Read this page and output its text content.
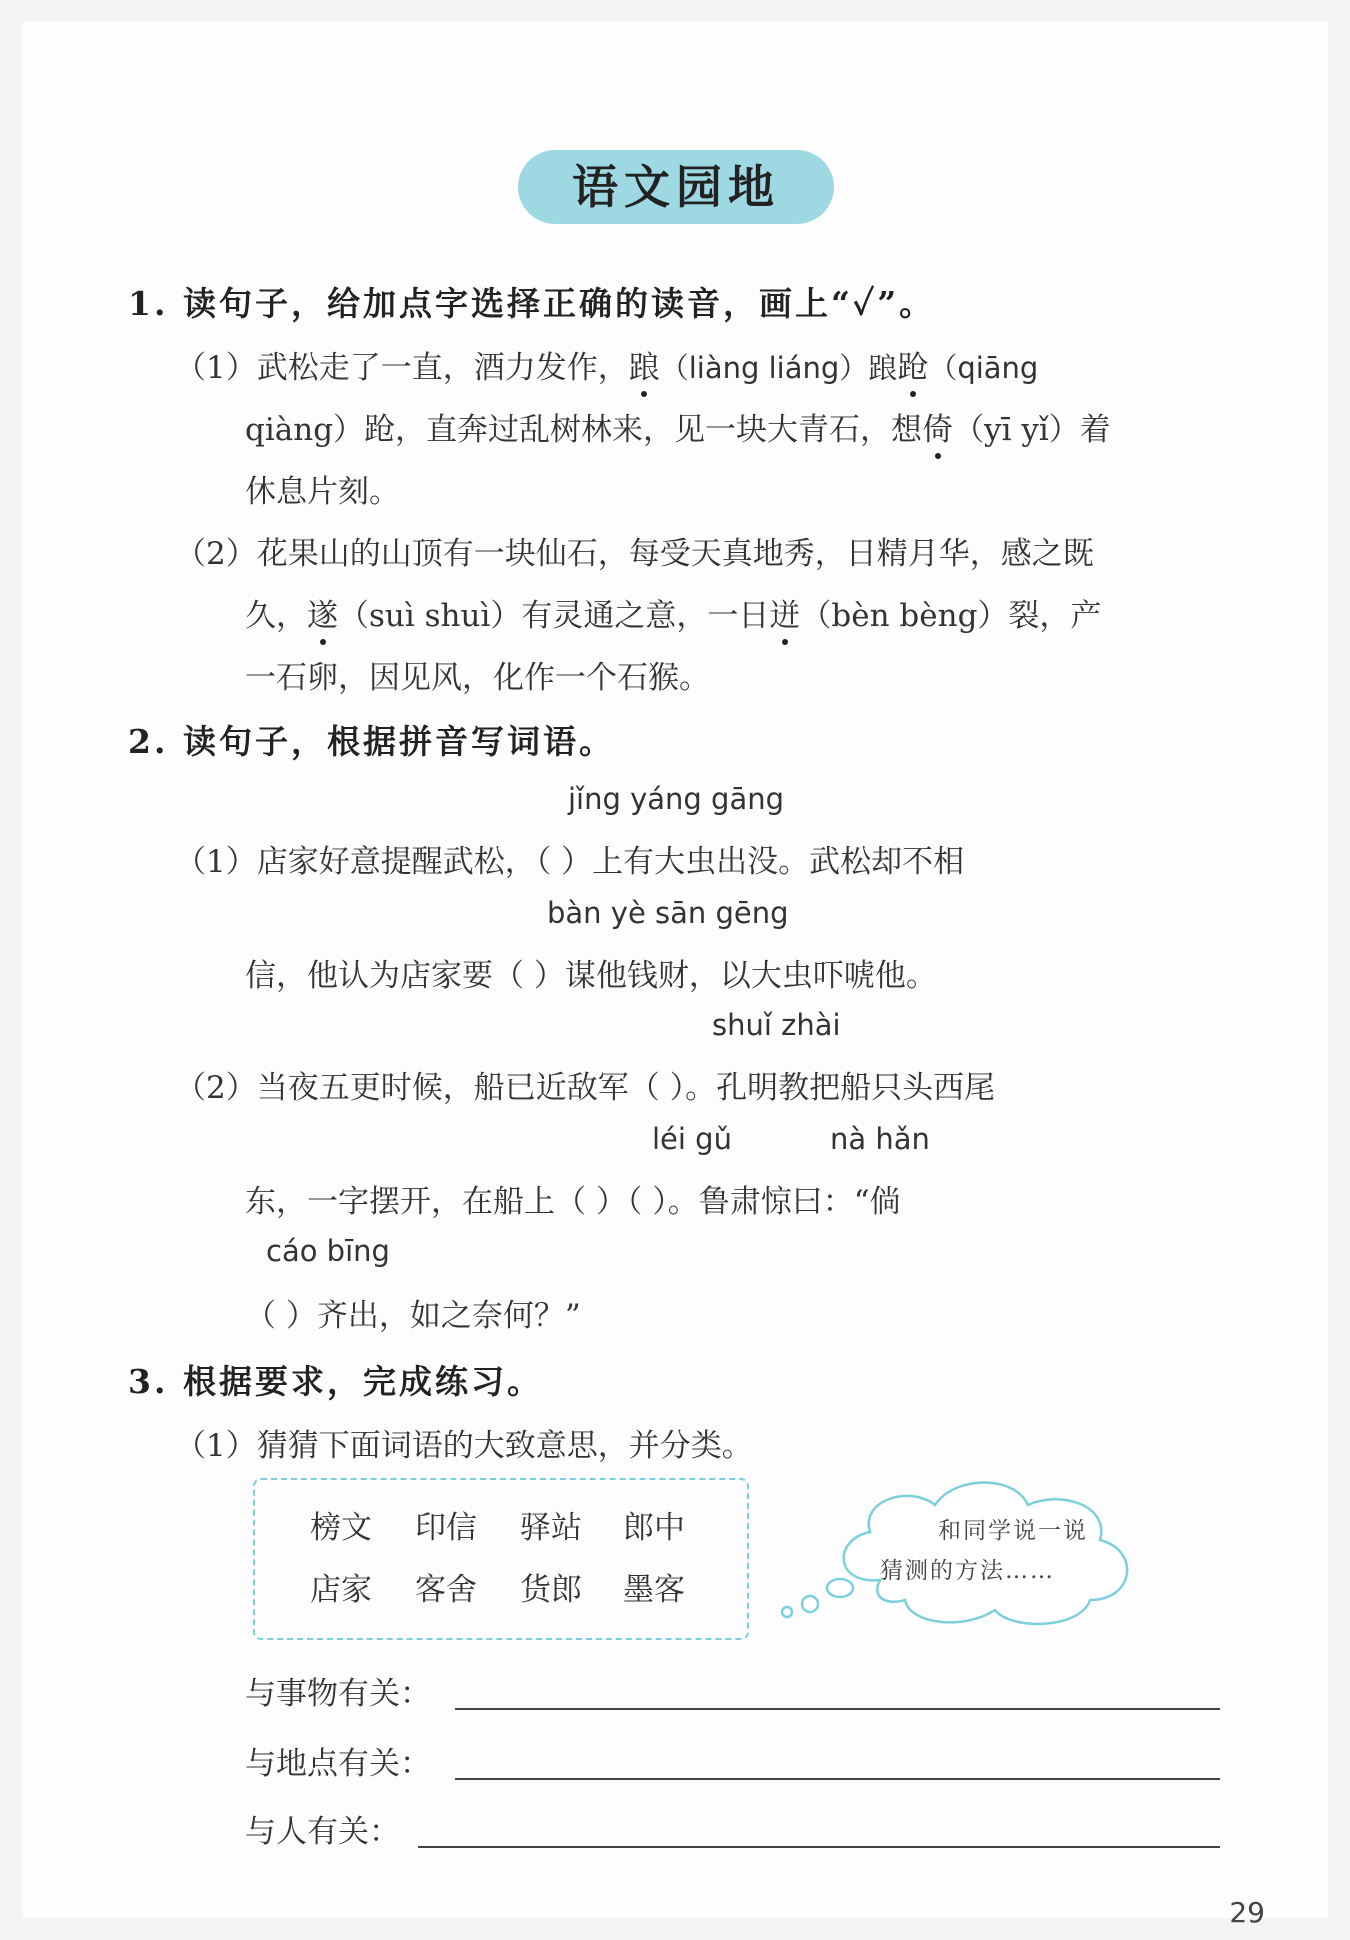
语文园地
1. 读句子，给加点字选择正确的读音，画上“✓”。
（1）武松走了一直，酒力发作，踉（liàng liáng）踉跄（qiāng
qiàng）跄，直奔过乱树林来，见一块大青石，想倚（yī yǐ）着
休息片刻。
（2）花果山的山顶有一块仙石，每受天真地秀，日精月华，感之既
久，遂（suì shuì）有灵通之意，一日迸（bèn bèng）裂，产
一石卵，因见风，化作一个石猴。
2. 读句子，根据拼音写词语。
jǐng yáng gāng
（1）店家好意提醒武松，（ ）上有大虫出没。武松却不相
bàn yè sān gēng
信，他认为店家要（ ）谋他钱财，以大虫吓唬他。
shuǐ zhài
（2）当夜五更时候，船已近敌军（ ）。孔明教把船只头西尾
léi gǔ	nà hǎn
东，一字摆开，在船上（ ）（ ）。鲁肃惊曰：“倘
cáo bīng
（ ）齐出，如之奈何？”
3. 根据要求，完成练习。
（1）猜猜下面词语的大致意思，并分类。
榜文 印信 驿站 郎中
店家 客舍 货郎 墨客
和同学说一说
猜测的方法……
与事物有关：
与地点有关：
与人有关：
29
